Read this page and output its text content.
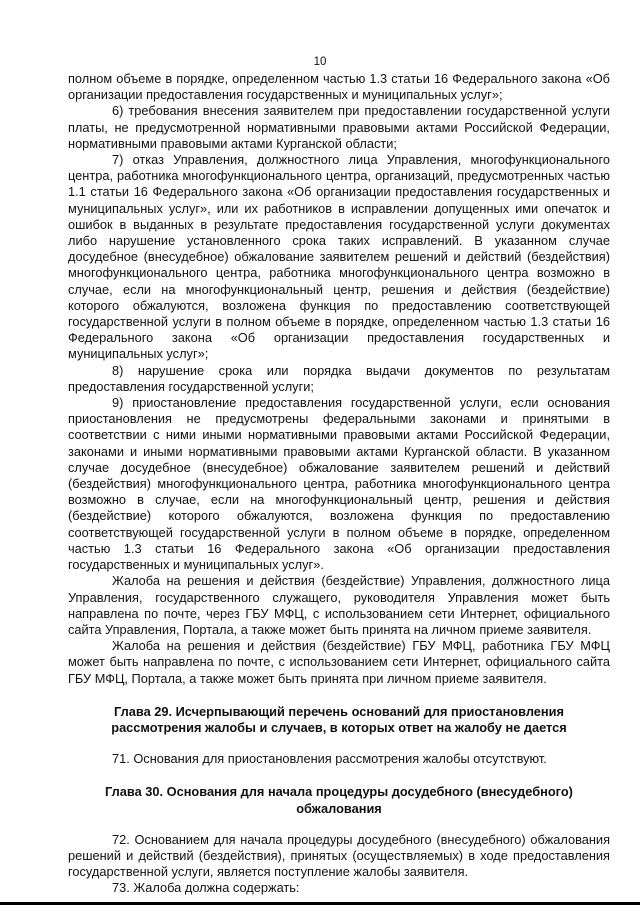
10

полном объеме в порядке, определенном частью 1.3 статьи 16 Федерального закона «Об организации предоставления государственных и муниципальных услуг»;

6) требования внесения заявителем при предоставлении государственной услуги платы, не предусмотренной нормативными правовыми актами Российской Федерации, нормативными правовыми актами Курганской области;

7) отказ Управления, должностного лица Управления, многофункционального центра, работника многофункционального центра, организаций, предусмотренных частью 1.1 статьи 16 Федерального закона «Об организации предоставления государственных и муниципальных услуг», или их работников в исправлении допущенных ими опечаток и ошибок в выданных в результате предоставления государственной услуги документах либо нарушение установленного срока таких исправлений. В указанном случае досудебное (внесудебное) обжалование заявителем решений и действий (бездействия) многофункционального центра, работника многофункционального центра возможно в случае, если на многофункциональный центр, решения и действия (бездействие) которого обжалуются, возложена функция по предоставлению соответствующей государственной услуги в полном объеме в порядке, определенном частью 1.3 статьи 16 Федерального закона «Об организации предоставления государственных и муниципальных услуг»;

8) нарушение срока или порядка выдачи документов по результатам предоставления государственной услуги;

9) приостановление предоставления государственной услуги, если основания приостановления не предусмотрены федеральными законами и принятыми в соответствии с ними иными нормативными правовыми актами Российской Федерации, законами и иными нормативными правовыми актами Курганской области. В указанном случае досудебное (внесудебное) обжалование заявителем решений и действий (бездействия) многофункционального центра, работника многофункционального центра возможно в случае, если на многофункциональный центр, решения и действия (бездействие) которого обжалуются, возложена функция по предоставлению соответствующей государственной услуги в полном объеме в порядке, определенном частью 1.3 статьи 16 Федерального закона «Об организации предоставления государственных и муниципальных услуг».

Жалоба на решения и действия (бездействие) Управления, должностного лица Управления, государственного служащего, руководителя Управления может быть направлена по почте, через ГБУ МФЦ, с использованием сети Интернет, официального сайта Управления, Портала, а также может быть принята на личном приеме заявителя.

Жалоба на решения и действия (бездействие) ГБУ МФЦ, работника ГБУ МФЦ может быть направлена по почте, с использованием сети Интернет, официального сайта ГБУ МФЦ, Портала, а также может быть принята при личном приеме заявителя.

Глава 29. Исчерпывающий перечень оснований для приостановления рассмотрения жалобы и случаев, в которых ответ на жалобу не дается

71. Основания для приостановления рассмотрения жалобы отсутствуют.

Глава 30. Основания для начала процедуры досудебного (внесудебного) обжалования

72. Основанием для начала процедуры досудебного (внесудебного) обжалования решений и действий (бездействия), принятых (осуществляемых) в ходе предоставления государственной услуги, является поступление жалобы заявителя.

73. Жалоба должна содержать:
